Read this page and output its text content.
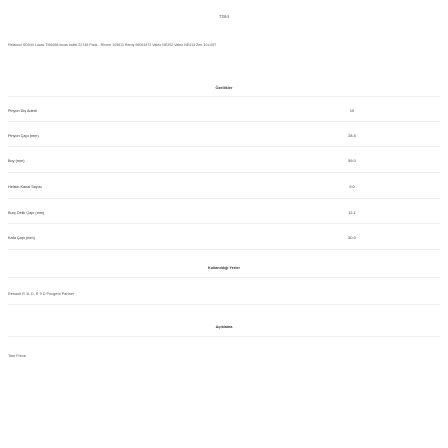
7264
Relaocci SD044 Lucas TM6266 lucas indiel 22745 Paris - Rhone 103611 Remy 96051972 Valeo NE202 Valeo NE413 Zen 101.057
Özellikler
Pinyon Diş Adedi	10
Pinyon Çapı (mm)	28.5
Boy (mm)	59.0
Helisin Kanal Sayısı	9.0
Burç Delik Çapı (mm)	12.1
Kafa Çapı (mm)	50.0
Kullanıldığı Yerler
Renault R 11 D, R 9 D Peugeot Partner
Açıklama
Tam Frezе
